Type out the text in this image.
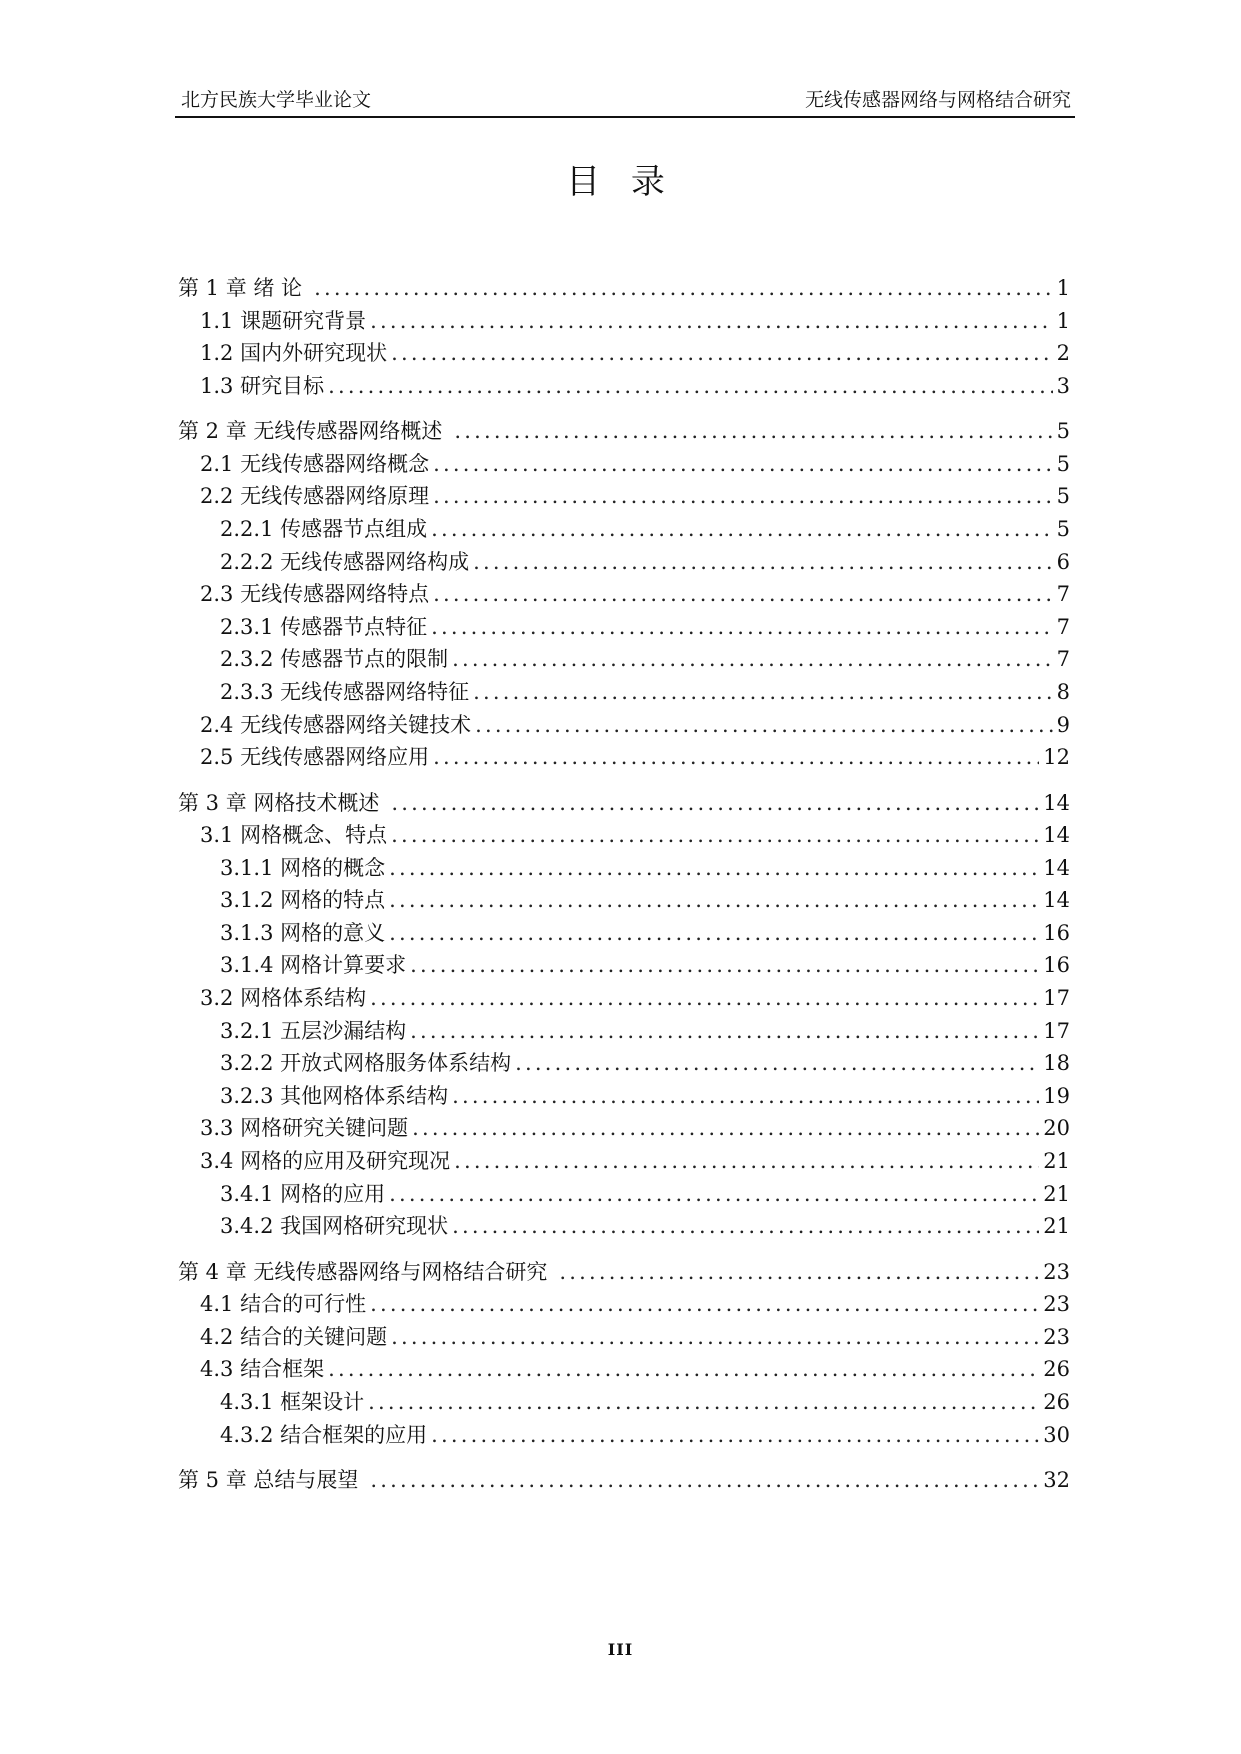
北方民族大学毕业论文	无线传感器网络与网格结合研究
目 录
第 1 章 绪 论 .....	1
1.1 课题研究背景 .....	1
1.2 国内外研究现状 .....	2
1.3 研究目标 .....	3
第 2 章 无线传感器网络概述 .....	5
2.1 无线传感器网络概念 .....	5
2.2 无线传感器网络原理 .....	5
2.2.1 传感器节点组成 .....	5
2.2.2 无线传感器网络构成 .....	6
2.3 无线传感器网络特点 .....	7
2.3.1 传感器节点特征 .....	7
2.3.2 传感器节点的限制 .....	7
2.3.3 无线传感器网络特征 .....	8
2.4 无线传感器网络关键技术 .....	9
2.5 无线传感器网络应用 .....	12
第 3 章 网格技术概述 .....	14
3.1 网格概念、特点 .....	14
3.1.1 网格的概念 .....	14
3.1.2 网格的特点 .....	14
3.1.3 网格的意义 .....	16
3.1.4 网格计算要求 .....	16
3.2 网格体系结构 .....	17
3.2.1 五层沙漏结构 .....	17
3.2.2 开放式网格服务体系结构 .....	18
3.2.3 其他网格体系结构 .....	19
3.3 网格研究关键问题 .....	20
3.4 网格的应用及研究现况 .....	21
3.4.1 网格的应用 .....	21
3.4.2 我国网格研究现状 .....	21
第 4 章 无线传感器网络与网格结合研究 .....	23
4.1 结合的可行性 .....	23
4.2 结合的关键问题 .....	23
4.3 结合框架 .....	26
4.3.1 框架设计 .....	26
4.3.2 结合框架的应用 .....	30
第 5 章 总结与展望 .....	32
III
